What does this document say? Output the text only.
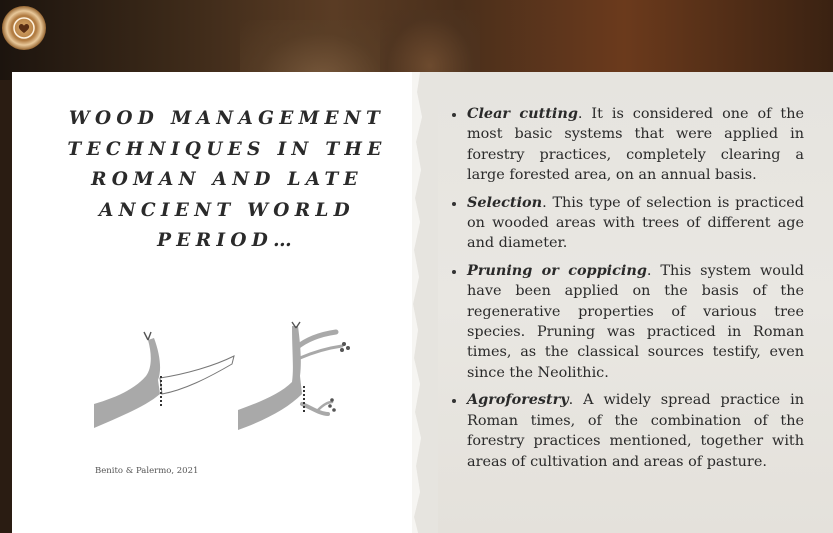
WOOD MANAGEMENT
TECHNIQUES IN THE
ROMAN AND LATE
ANCIENT WORLD
PERIOD…
Benito & Palermo, 2021
Clear cutting. It is considered one of the most basic systems that were applied in forestry practices, completely clearing a large forested area, on an annual basis.
Selection. This type of selection is practiced on wooded areas with trees of different age and diameter.
Pruning or coppicing. This system would have been applied on the basis of the regenerative properties of various tree species. Pruning was practiced in Roman times, as the classical sources testify, even since the Neolithic.
Agroforestry. A widely spread practice in Roman times, of the combination of the forestry practices mentioned, together with areas of cultivation and areas of pasture.
